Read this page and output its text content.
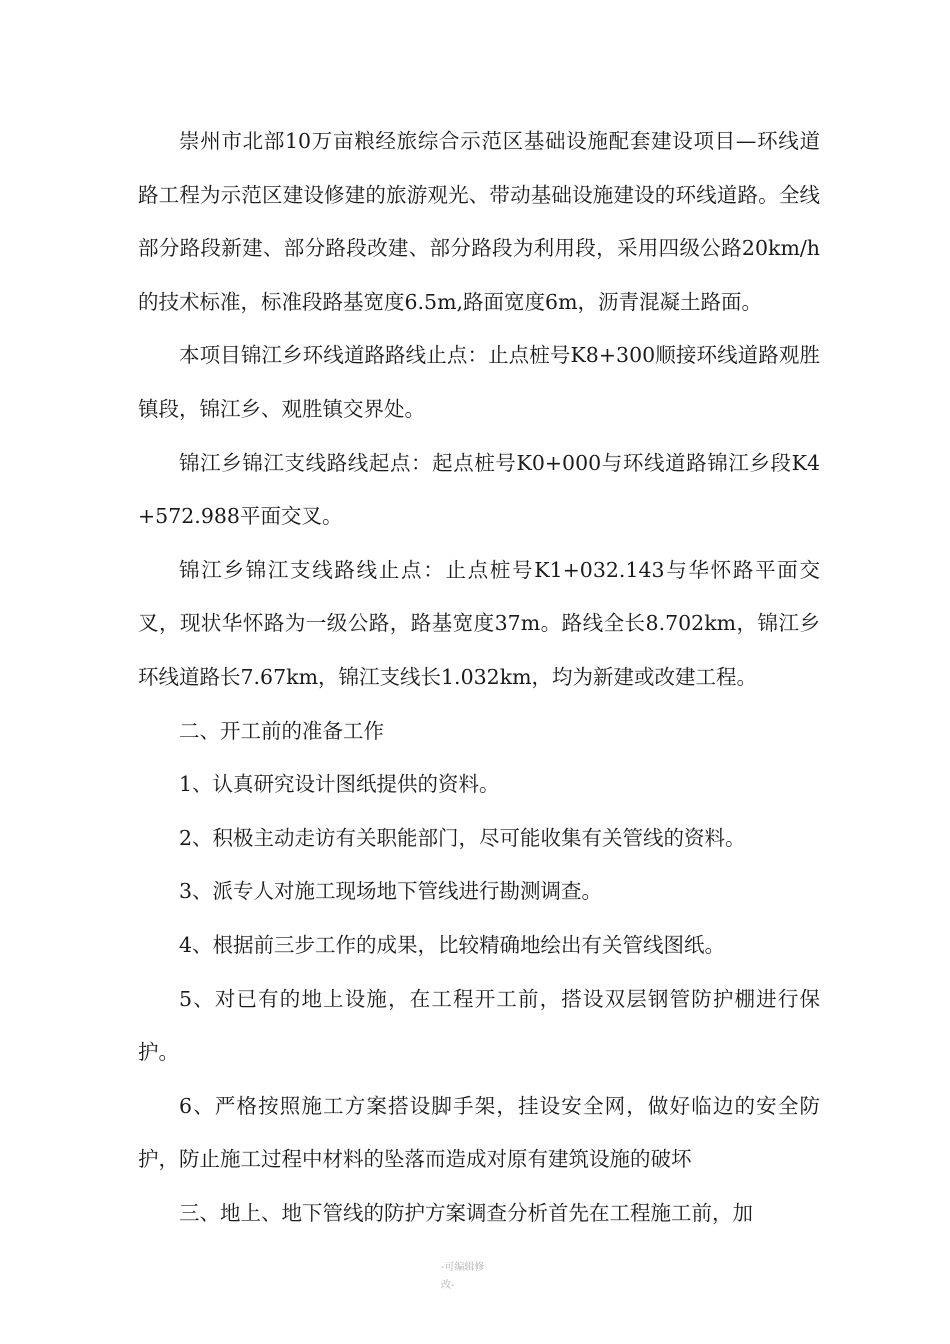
崇州市北部10万亩粮经旅综合示范区基础设施配套建设项目—环线道路工程为示范区建设修建的旅游观光、带动基础设施建设的环线道路。全线部分路段新建、部分路段改建、部分路段为利用段，采用四级公路20km/h的技术标准，标准段路基宽度6.5m,路面宽度6m，沥青混凝土路面。

本项目锦江乡环线道路路线止点：止点桩号K8+300顺接环线道路观胜镇段，锦江乡、观胜镇交界处。

锦江乡锦江支线路线起点：起点桩号K0+000与环线道路锦江乡段K4+572.988平面交叉。

锦江乡锦江支线路线止点：止点桩号K1+032.143与华怀路平面交叉，现状华怀路为一级公路，路基宽度37m。路线全长8.702km，锦江乡环线道路长7.67km，锦江支线长1.032km，均为新建或改建工程。

二、开工前的准备工作

1、认真研究设计图纸提供的资料。

2、积极主动走访有关职能部门，尽可能收集有关管线的资料。

3、派专人对施工现场地下管线进行勘测调查。

4、根据前三步工作的成果，比较精确地绘出有关管线图纸。

5、对已有的地上设施，在工程开工前，搭设双层钢管防护棚进行保护。

6、严格按照施工方案搭设脚手架，挂设安全网，做好临边的安全防护，防止施工过程中材料的坠落而造成对原有建筑设施的破坏

三、地上、地下管线的防护方案调查分析首先在工程施工前，加

-可编辑修
改-
